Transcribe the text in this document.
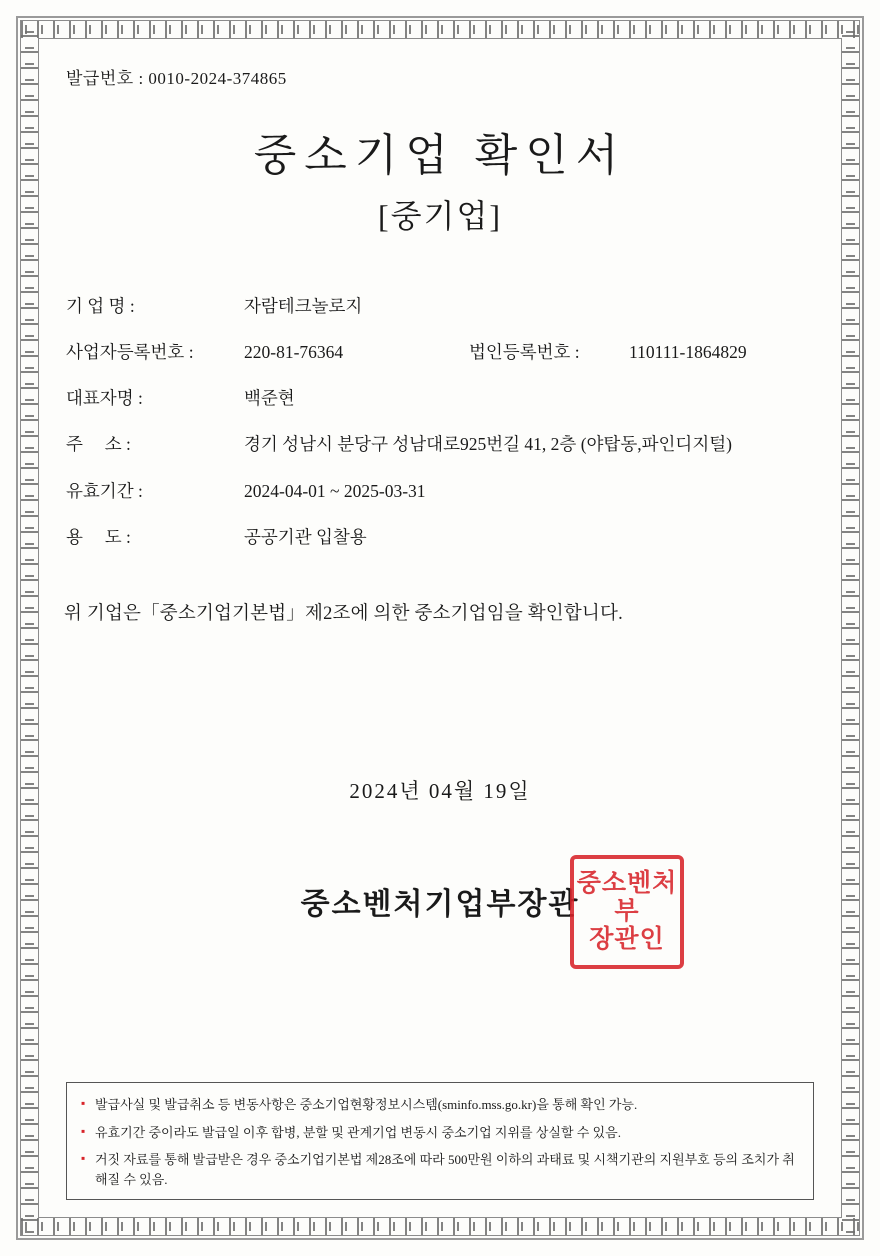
발급번호 : 0010-2024-374865
중소기업 확인서
[중기업]
기 업 명 :	자람테크놀로지
사업자등록번호 :	220-81-76364	법인등록번호 :	110111-1864829
대표자명 :	백준현
주     소 :	경기 성남시 분당구 성남대로925번길 41, 2층 (야탑동,파인디지털)
유효기간 :	2024-04-01 ~ 2025-03-31
용     도 :	공공기관 입찰용
위 기업은「중소기업기본법」제2조에 의한 중소기업임을 확인합니다.
2024년 04월 19일
중소벤처기업부장관
중소벤처
부
장관인
▪ 발급사실 및 발급취소 등 변동사항은 중소기업현황정보시스템(sminfo.mss.go.kr)을 통해 확인 가능.
▪ 유효기간 중이라도 발급일 이후 합병, 분할 및 관계기업 변동시 중소기업 지위를 상실할 수 있음.
▪ 거짓 자료를 통해 발급받은 경우 중소기업기본법 제28조에 따라 500만원 이하의 과태료 및 시책기관의 지원부호 등의 조치가 취해질 수 있음.
